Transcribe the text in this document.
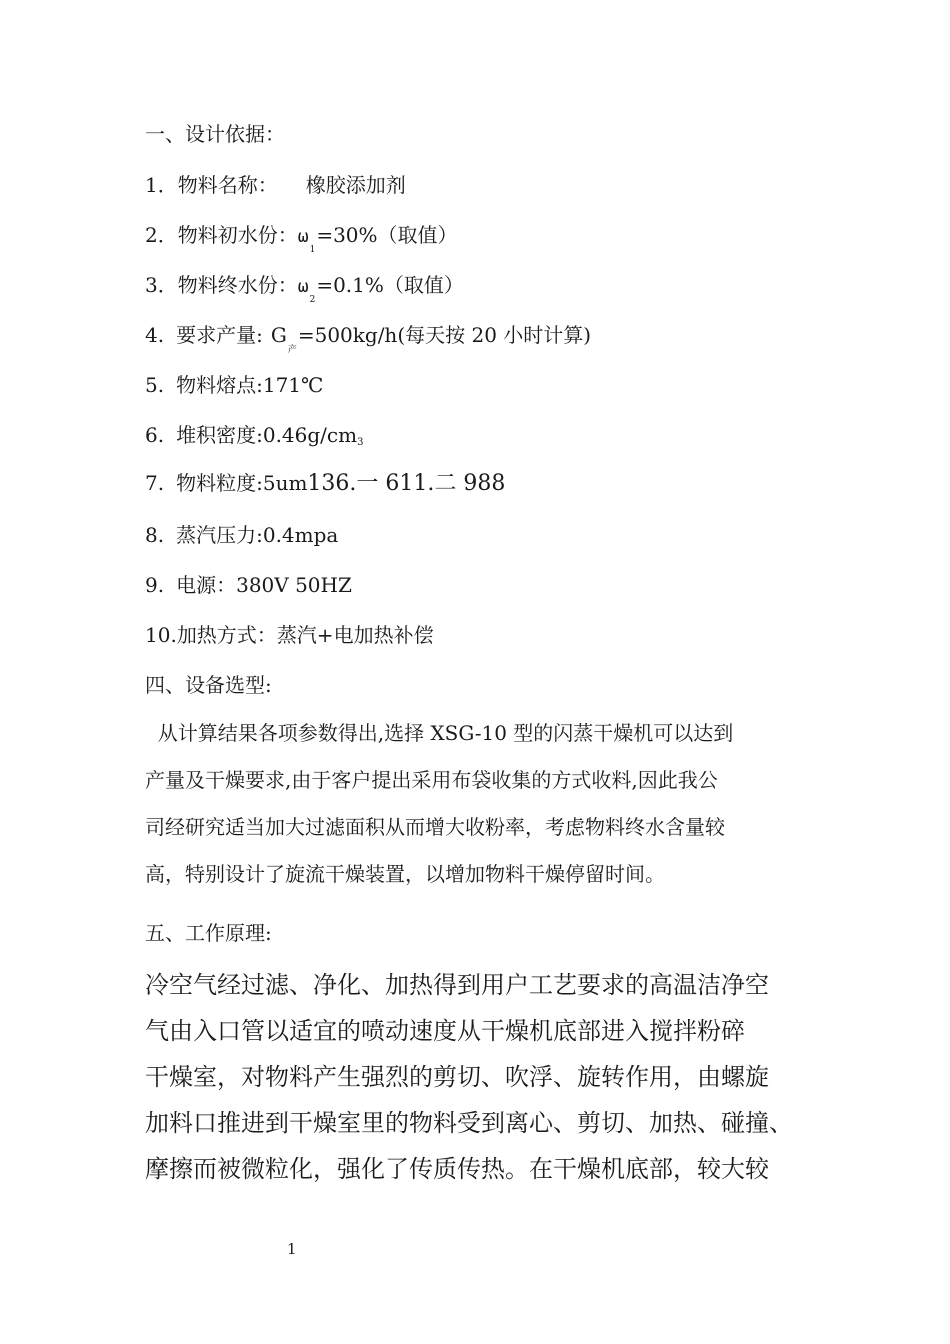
一、设计依据：
1．物料名称： 橡胶添加剂
2．物料初水份：$\omega_1=30\%$（取值）
3．物料终水份：$\omega_2=0.1\%$（取值）
4. 要求产量: $G_产=500kg/h$(每天按 20 小时计算)
5. 物料熔点:171℃
6. 堆积密度:0.46g/cm3
7. 物料粒度:5um136.一 611.二 988
8. 蒸汽压力:0.4mpa
9. 电源：380V 50HZ
10.加热方式：蒸汽+电加热补偿
四、设备选型:
从计算结果各项参数得出,选择 XSG-10 型的闪蒸干燥机可以达到
产量及干燥要求,由于客户提出采用布袋收集的方式收料,因此我公
司经研究适当加大过滤面积从而增大收粉率，考虑物料终水含量较
高，特别设计了旋流干燥装置，以增加物料干燥停留时间。
五、工作原理:
冷空气经过滤、净化、加热得到用户工艺要求的高温洁净空
气由入口管以适宜的喷动速度从干燥机底部进入搅拌粉碎
干燥室，对物料产生强烈的剪切、吹浮、旋转作用，由螺旋
加料口推进到干燥室里的物料受到离心、剪切、加热、碰撞、
摩擦而被微粒化，强化了传质传热。在干燥机底部，较大较
1
